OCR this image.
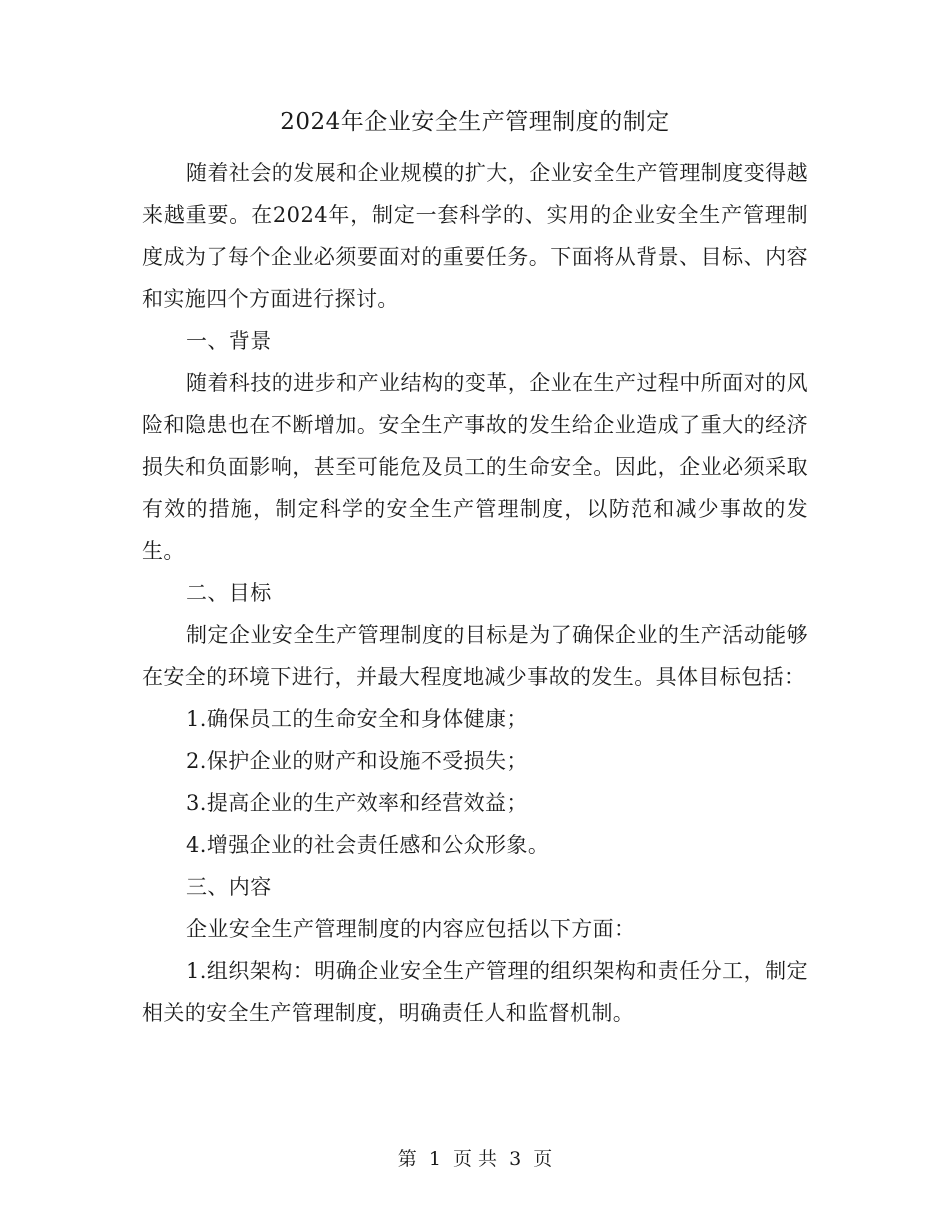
2024年企业安全生产管理制度的制定

随着社会的发展和企业规模的扩大，企业安全生产管理制度变得越来越重要。在2024年，制定一套科学的、实用的企业安全生产管理制度成为了每个企业必须要面对的重要任务。下面将从背景、目标、内容和实施四个方面进行探讨。

一、背景

随着科技的进步和产业结构的变革，企业在生产过程中所面对的风险和隐患也在不断增加。安全生产事故的发生给企业造成了重大的经济损失和负面影响，甚至可能危及员工的生命安全。因此，企业必须采取有效的措施，制定科学的安全生产管理制度，以防范和减少事故的发生。

二、目标

制定企业安全生产管理制度的目标是为了确保企业的生产活动能够在安全的环境下进行，并最大程度地减少事故的发生。具体目标包括：

1.确保员工的生命安全和身体健康；

2.保护企业的财产和设施不受损失；

3.提高企业的生产效率和经营效益；

4.增强企业的社会责任感和公众形象。

三、内容

企业安全生产管理制度的内容应包括以下方面：

1.组织架构：明确企业安全生产管理的组织架构和责任分工，制定相关的安全生产管理制度，明确责任人和监督机制。

第 1 页 共 3 页
